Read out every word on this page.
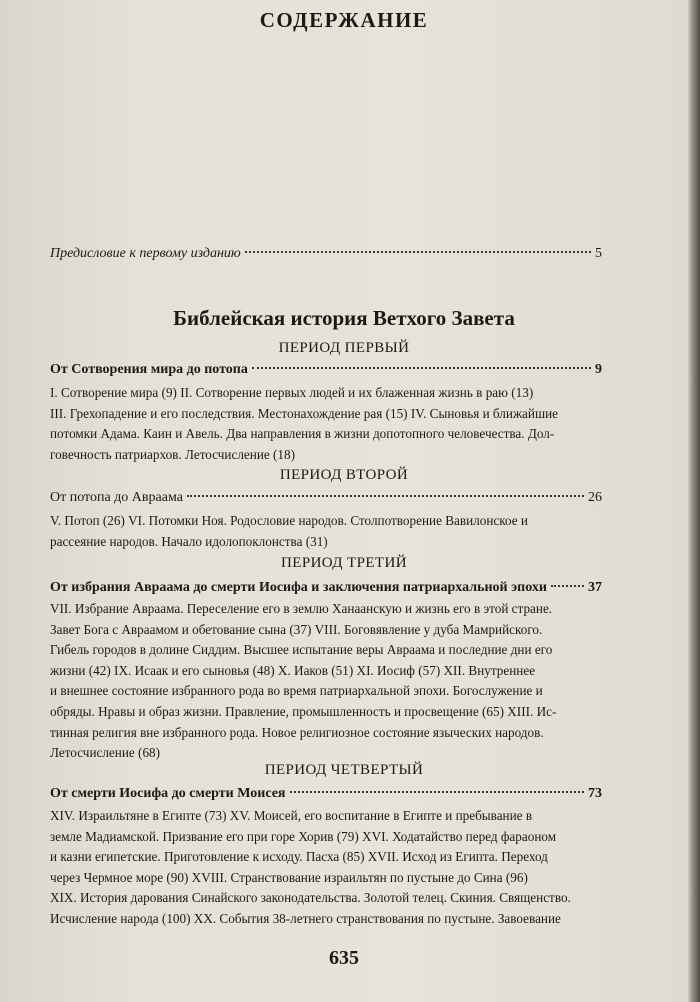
СОДЕРЖАНИЕ
Предисловие к первому изданию	5
Библейская история Ветхого Завета
ПЕРИОД ПЕРВЫЙ
От Сотворения мира до потопа	9
I. Сотворение мира (9) II. Сотворение первых людей и их блаженная жизнь в раю (13)
III. Грехопадение и его последствия. Местонахождение рая (15) IV. Сыновья и ближайшие
потомки Адама. Каин и Авель. Два направления в жизни допотопного человечества. Дол-
говечность патриархов. Летосчисление (18)
ПЕРИОД ВТОРОЙ
От потопа до Авраама	26
V. Потоп (26) VI. Потомки Ноя. Родословие народов. Столпотворение Вавилонское и
рассеяние народов. Начало идолопоклонства (31)
ПЕРИОД ТРЕТИЙ
От избрания Авраама до смерти Иосифа и заключения патриархальной эпохи	37
VII. Избрание Авраама. Переселение его в землю Ханаанскую и жизнь его в этой стране.
Завет Бога с Авраамом и обетование сына (37) VIII. Боговявление у дуба Мамрийского.
Гибель городов в долине Сиддим. Высшее испытание веры Авраама и последние дни его
жизни (42) IX. Исаак и его сыновья (48) X. Иаков (51) XI. Иосиф (57) XII. Внутреннее
и внешнее состояние избранного рода во время патриархальной эпохи. Богослужение и
обряды. Нравы и образ жизни. Правление, промышленность и просвещение (65) XIII. Ис-
тинная религия вне избранного рода. Новое религиозное состояние языческих народов.
Летосчисление (68)
ПЕРИОД ЧЕТВЕРТЫЙ
От смерти Иосифа до смерти Моисея	73
XIV. Израильтяне в Египте (73) XV. Моисей, его воспитание в Египте и пребывание в
земле Мадиамской. Призвание его при горе Хорив (79) XVI. Ходатайство перед фараоном
и казни египетские. Приготовление к исходу. Пасха (85) XVII. Исход из Египта. Переход
через Чермное море (90) XVIII. Странствование израильтян по пустыне до Сина (96)
XIX. История дарования Синайского законодательства. Золотой телец. Скиния. Священство.
Исчисление народа (100) XX. События 38-летнего странствования по пустыне. Завоевание
635
